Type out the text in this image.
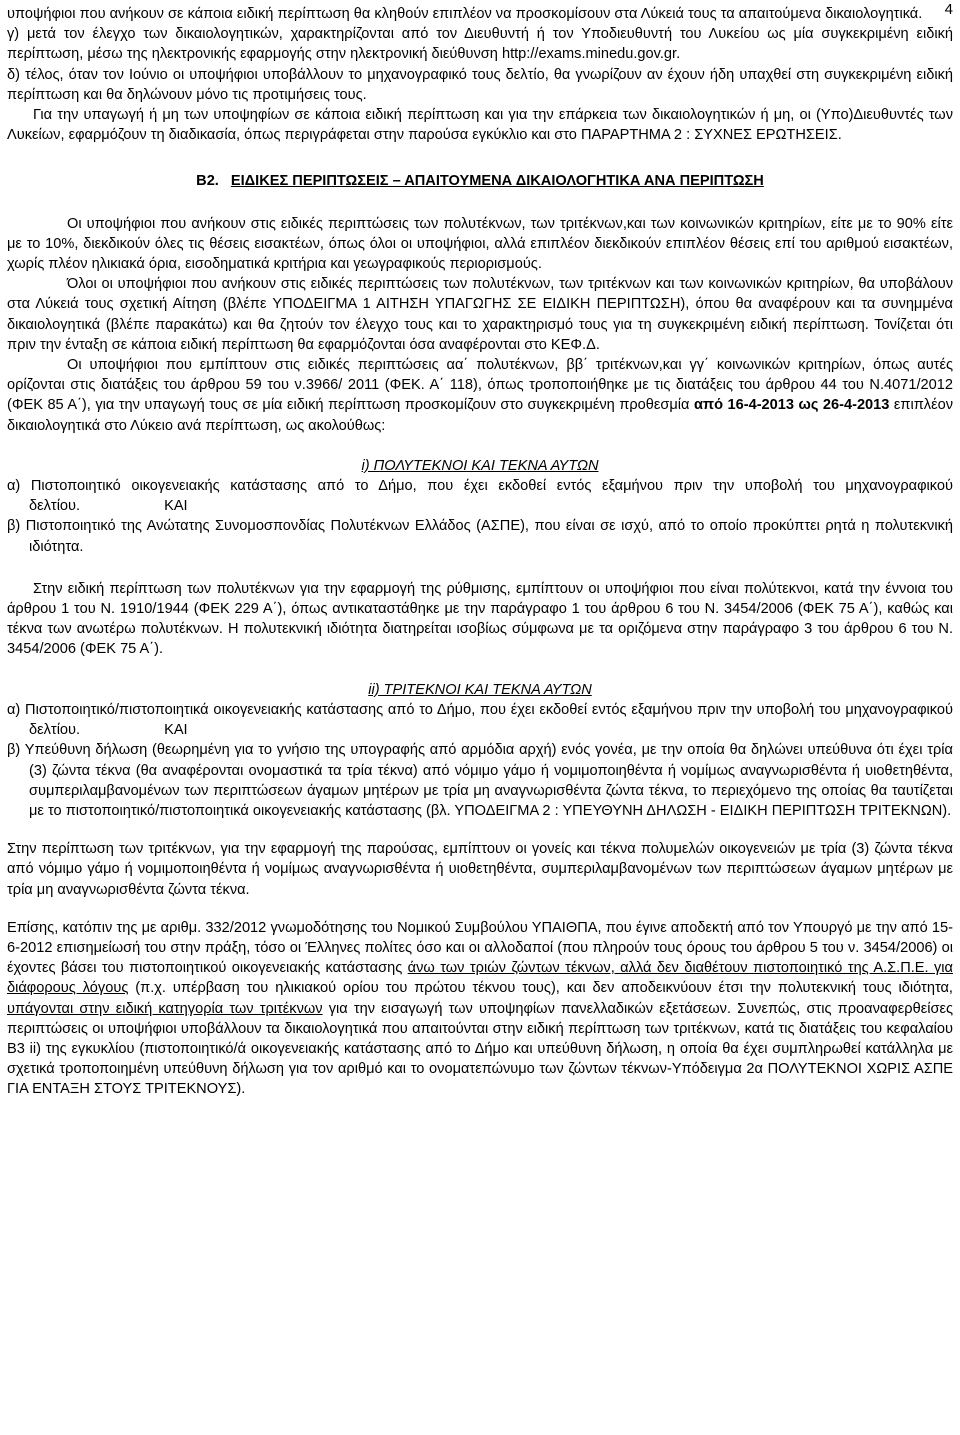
4

υποψήφιοι που ανήκουν σε κάποια ειδική περίπτωση θα κληθούν επιπλέον να προσκομίσουν στα Λύκειά τους τα απαιτούμενα δικαιολογητικά.

γ) μετά τον έλεγχο των δικαιολογητικών, χαρακτηρίζονται από τον Διευθυντή ή τον Υποδιευθυντή του Λυκείου ως μία συγκεκριμένη ειδική περίπτωση, μέσω της ηλεκτρονικής εφαρμογής στην ηλεκτρονική διεύθυνση http://exams.minedu.gov.gr.

δ) τέλος, όταν τον Ιούνιο οι υποψήφιοι υποβάλλουν το μηχανογραφικό τους δελτίο, θα γνωρίζουν αν έχουν ήδη υπαχθεί στη συγκεκριμένη ειδική περίπτωση και θα δηλώνουν μόνο τις προτιμήσεις τους.

Για την υπαγωγή ή μη των υποψηφίων σε κάποια ειδική περίπτωση και για την επάρκεια των δικαιολογητικών ή μη, οι (Υπο)Διευθυντές των Λυκείων, εφαρμόζουν τη διαδικασία, όπως περιγράφεται στην παρούσα εγκύκλιο και στο ΠΑΡΑΡΤΗΜΑ 2 : ΣΥΧΝΕΣ ΕΡΩΤΗΣΕΙΣ.

Β2. ΕΙΔΙΚΕΣ ΠΕΡΙΠΤΩΣΕΙΣ – ΑΠΑΙΤΟΥΜΕΝΑ ΔΙΚΑΙΟΛΟΓΗΤΙΚΑ ΑΝΑ ΠΕΡΙΠΤΩΣΗ

Οι υποψήφιοι που ανήκουν στις ειδικές περιπτώσεις των πολυτέκνων, των τριτέκνων,και των κοινωνικών κριτηρίων, είτε με το 90% είτε με το 10%, διεκδικούν όλες τις θέσεις εισακτέων, όπως όλοι οι υποψήφιοι, αλλά επιπλέον διεκδικούν επιπλέον θέσεις επί του αριθμού εισακτέων, χωρίς πλέον ηλικιακά όρια, εισοδηματικά κριτήρια και γεωγραφικούς περιορισμούς.

Όλοι οι υποψήφιοι που ανήκουν στις ειδικές περιπτώσεις των πολυτέκνων, των τριτέκνων και των κοινωνικών κριτηρίων, θα υποβάλουν στα Λύκειά τους σχετική Αίτηση (βλέπε ΥΠΟΔΕΙΓΜΑ 1 ΑΙΤΗΣΗ ΥΠΑΓΩΓΗΣ ΣΕ ΕΙΔΙΚΗ ΠΕΡΙΠΤΩΣΗ), όπου θα αναφέρουν και τα συνημμένα δικαιολογητικά (βλέπε παρακάτω) και θα ζητούν τον έλεγχο τους και το χαρακτηρισμό τους για τη συγκεκριμένη ειδική περίπτωση. Τονίζεται ότι πριν την ένταξη σε κάποια ειδική περίπτωση θα εφαρμόζονται όσα αναφέρονται στο ΚΕΦ.Δ.

Οι υποψήφιοι που εμπίπτουν στις ειδικές περιπτώσεις αα΄ πολυτέκνων, ββ΄ τριτέκνων,και γγ΄ κοινωνικών κριτηρίων, όπως αυτές ορίζονται στις διατάξεις του άρθρου 59 του ν.3966/ 2011 (ΦΕΚ. Α΄ 118), όπως τροποποιήθηκε με τις διατάξεις του άρθρου 44 του Ν.4071/2012 (ΦΕΚ 85 Α΄), για την υπαγωγή τους σε μία ειδική περίπτωση προσκομίζουν στο συγκεκριμένη προθεσμία από 16-4-2013 ως 26-4-2013 επιπλέον δικαιολογητικά στο Λύκειο ανά περίπτωση, ως ακολούθως:

i) ΠΟΛΥΤΕΚΝΟΙ ΚΑΙ ΤΕΚΝΑ ΑΥΤΩΝ

α) Πιστοποιητικό οικογενειακής κατάστασης από το Δήμο, που έχει εκδοθεί εντός εξαμήνου πριν την υποβολή του μηχανογραφικού δελτίου.	ΚΑΙ

β) Πιστοποιητικό της Ανώτατης Συνομοσπονδίας Πολυτέκνων Ελλάδος (ΑΣΠΕ), που είναι σε ισχύ, από το οποίο προκύπτει ρητά η πολυτεκνική ιδιότητα.

Στην ειδική περίπτωση των πολυτέκνων για την εφαρμογή της ρύθμισης, εμπίπτουν οι υποψήφιοι που είναι πολύτεκνοι, κατά την έννοια του άρθρου 1 του Ν. 1910/1944 (ΦΕΚ 229 Α΄), όπως αντικαταστάθηκε με την παράγραφο 1 του άρθρου 6 του Ν. 3454/2006 (ΦΕΚ 75 Α΄), καθώς και τέκνα των ανωτέρω πολυτέκνων. Η πολυτεκνική ιδιότητα διατηρείται ισοβίως σύμφωνα με τα οριζόμενα στην παράγραφο 3 του άρθρου 6 του Ν. 3454/2006 (ΦΕΚ 75 Α΄).

ii) ΤΡΙΤΕΚΝΟΙ ΚΑΙ ΤΕΚΝΑ ΑΥΤΩΝ

α) Πιστοποιητικό/πιστοποιητικά οικογενειακής κατάστασης από το Δήμο, που έχει εκδοθεί εντός εξαμήνου πριν την υποβολή του μηχανογραφικού δελτίου.	ΚΑΙ

β) Υπεύθυνη δήλωση (θεωρημένη για το γνήσιο της υπογραφής από αρμόδια αρχή) ενός γονέα, με την οποία θα δηλώνει υπεύθυνα ότι έχει τρία (3) ζώντα τέκνα (θα αναφέρονται ονομαστικά τα τρία τέκνα) από νόμιμο γάμο ή νομιμοποιηθέντα ή νομίμως αναγνωρισθέντα ή υιοθετηθέντα, συμπεριλαμβανομένων των περιπτώσεων άγαμων μητέρων με τρία μη αναγνωρισθέντα ζώντα τέκνα, το περιεχόμενο της οποίας θα ταυτίζεται με το πιστοποιητικό/πιστοποιητικά οικογενειακής κατάστασης (βλ. ΥΠΟΔΕΙΓΜΑ 2 : ΥΠΕΥΘΥΝΗ ΔΗΛΩΣΗ - ΕΙΔΙΚΗ ΠΕΡΙΠΤΩΣΗ ΤΡΙΤΕΚΝΩΝ).

Στην περίπτωση των τριτέκνων, για την εφαρμογή της παρούσας, εμπίπτουν οι γονείς και τέκνα πολυμελών οικογενειών με τρία (3) ζώντα τέκνα από νόμιμο γάμο ή νομιμοποιηθέντα ή νομίμως αναγνωρισθέντα ή υιοθετηθέντα, συμπεριλαμβανομένων των περιπτώσεων άγαμων μητέρων με τρία μη αναγνωρισθέντα ζώντα τέκνα.

Επίσης, κατόπιν της με αριθμ. 332/2012 γνωμοδότησης του Νομικού Συμβούλου ΥΠΑΙΘΠΑ, που έγινε αποδεκτή από τον Υπουργό με την από 15-6-2012 επισημείωσή του στην πράξη, τόσο οι Έλληνες πολίτες όσο και οι αλλοδαποί (που πληρούν τους όρους του άρθρου 5 του ν. 3454/2006) οι έχοντες βάσει του πιστοποιητικού οικογενειακής κατάστασης άνω των τριών ζώντων τέκνων, αλλά δεν διαθέτουν πιστοποιητικό της Α.Σ.Π.Ε. για διάφορους λόγους (π.χ. υπέρβαση του ηλικιακού ορίου του πρώτου τέκνου τους), και δεν αποδεικνύουν έτσι την πολυτεκνική τους ιδιότητα, υπάγονται στην ειδική κατηγορία των τριτέκνων για την εισαγωγή των υποψηφίων πανελλαδικών εξετάσεων. Συνεπώς, στις προαναφερθείσες περιπτώσεις οι υποψήφιοι υποβάλλουν τα δικαιολογητικά που απαιτούνται στην ειδική περίπτωση των τριτέκνων, κατά τις διατάξεις του κεφαλαίου Β3 ii) της εγκυκλίου (πιστοποιητικό/ά οικογενειακής κατάστασης από το Δήμο και υπεύθυνη δήλωση, η οποία θα έχει συμπληρωθεί κατάλληλα με σχετικά τροποποιημένη υπεύθυνη δήλωση για τον αριθμό και το ονοματεπώνυμο των ζώντων τέκνων-Υπόδειγμα 2α ΠΟΛΥΤΕΚΝΟΙ ΧΩΡΙΣ ΑΣΠΕ ΓΙΑ ΕΝΤΑΞΗ ΣΤΟΥΣ ΤΡΙΤΕΚΝΟΥΣ).
